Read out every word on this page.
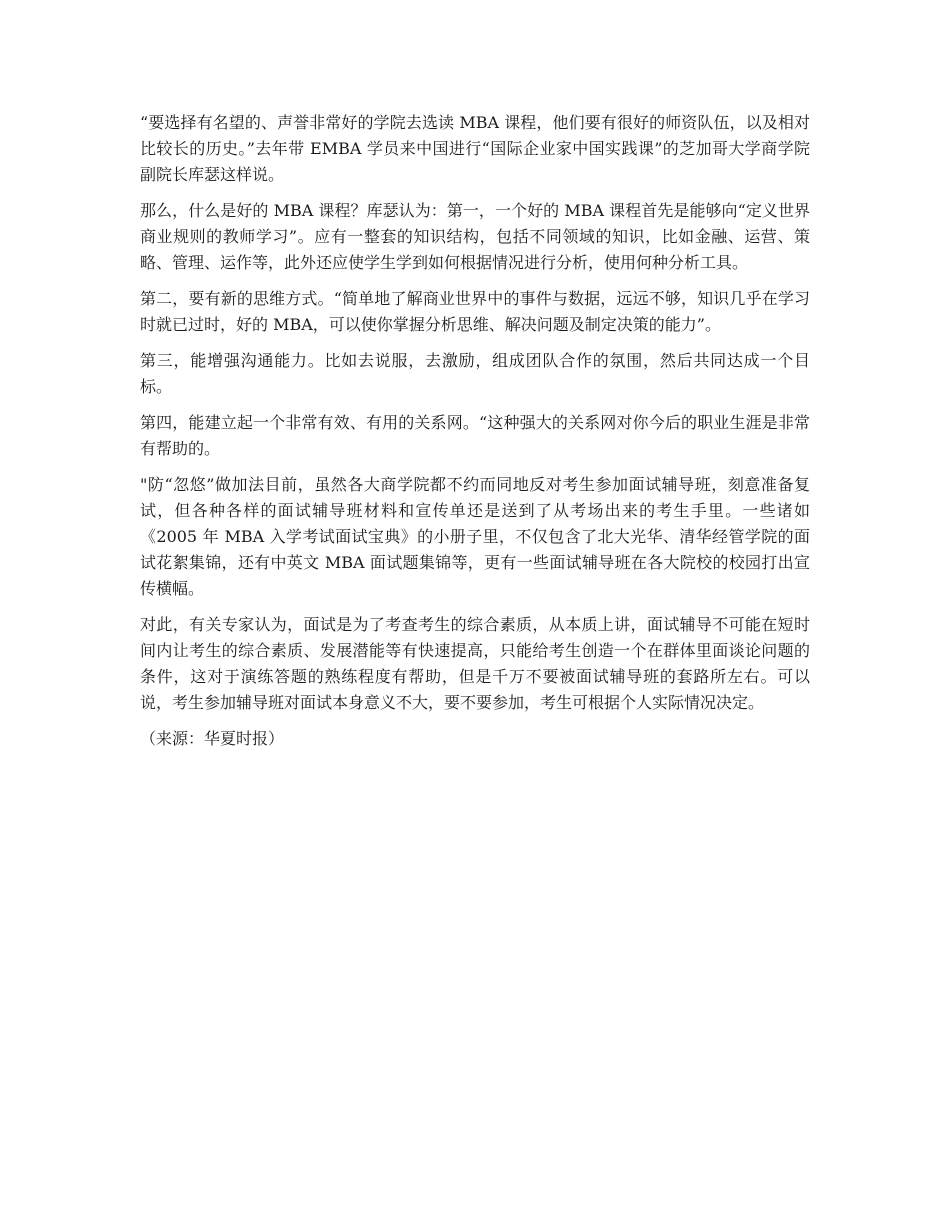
“要选择有名望的、声誉非常好的学院去选读 MBA 课程，他们要有很好的师资队伍，以及相对比较长的历史。”去年带 EMBA 学员来中国进行“国际企业家中国实践课”的芝加哥大学商学院副院长库瑟这样说。

那么，什么是好的 MBA 课程？库瑟认为：第一，一个好的 MBA 课程首先是能够向“定义世界商业规则的教师学习”。应有一整套的知识结构，包括不同领域的知识，比如金融、运营、策略、管理、运作等，此外还应使学生学到如何根据情况进行分析，使用何种分析工具。

第二，要有新的思维方式。“简单地了解商业世界中的事件与数据，远远不够，知识几乎在学习时就已过时，好的 MBA，可以使你掌握分析思维、解决问题及制定决策的能力”。

第三，能增强沟通能力。比如去说服，去激励，组成团队合作的氛围，然后共同达成一个目标。

第四，能建立起一个非常有效、有用的关系网。“这种强大的关系网对你今后的职业生涯是非常有帮助的。

"防“忽悠”做加法目前，虽然各大商学院都不约而同地反对考生参加面试辅导班，刻意准备复试，但各种各样的面试辅导班材料和宣传单还是送到了从考场出来的考生手里。一些诸如《2005 年 MBA 入学考试面试宝典》的小册子里，不仅包含了北大光华、清华经管学院的面试花絮集锦，还有中英文 MBA 面试题集锦等，更有一些面试辅导班在各大院校的校园打出宣传横幅。

对此，有关专家认为，面试是为了考查考生的综合素质，从本质上讲，面试辅导不可能在短时间内让考生的综合素质、发展潜能等有快速提高，只能给考生创造一个在群体里面谈论问题的条件，这对于演练答题的熟练程度有帮助，但是千万不要被面试辅导班的套路所左右。可以说，考生参加辅导班对面试本身意义不大，要不要参加，考生可根据个人实际情况决定。

（来源：华夏时报）
